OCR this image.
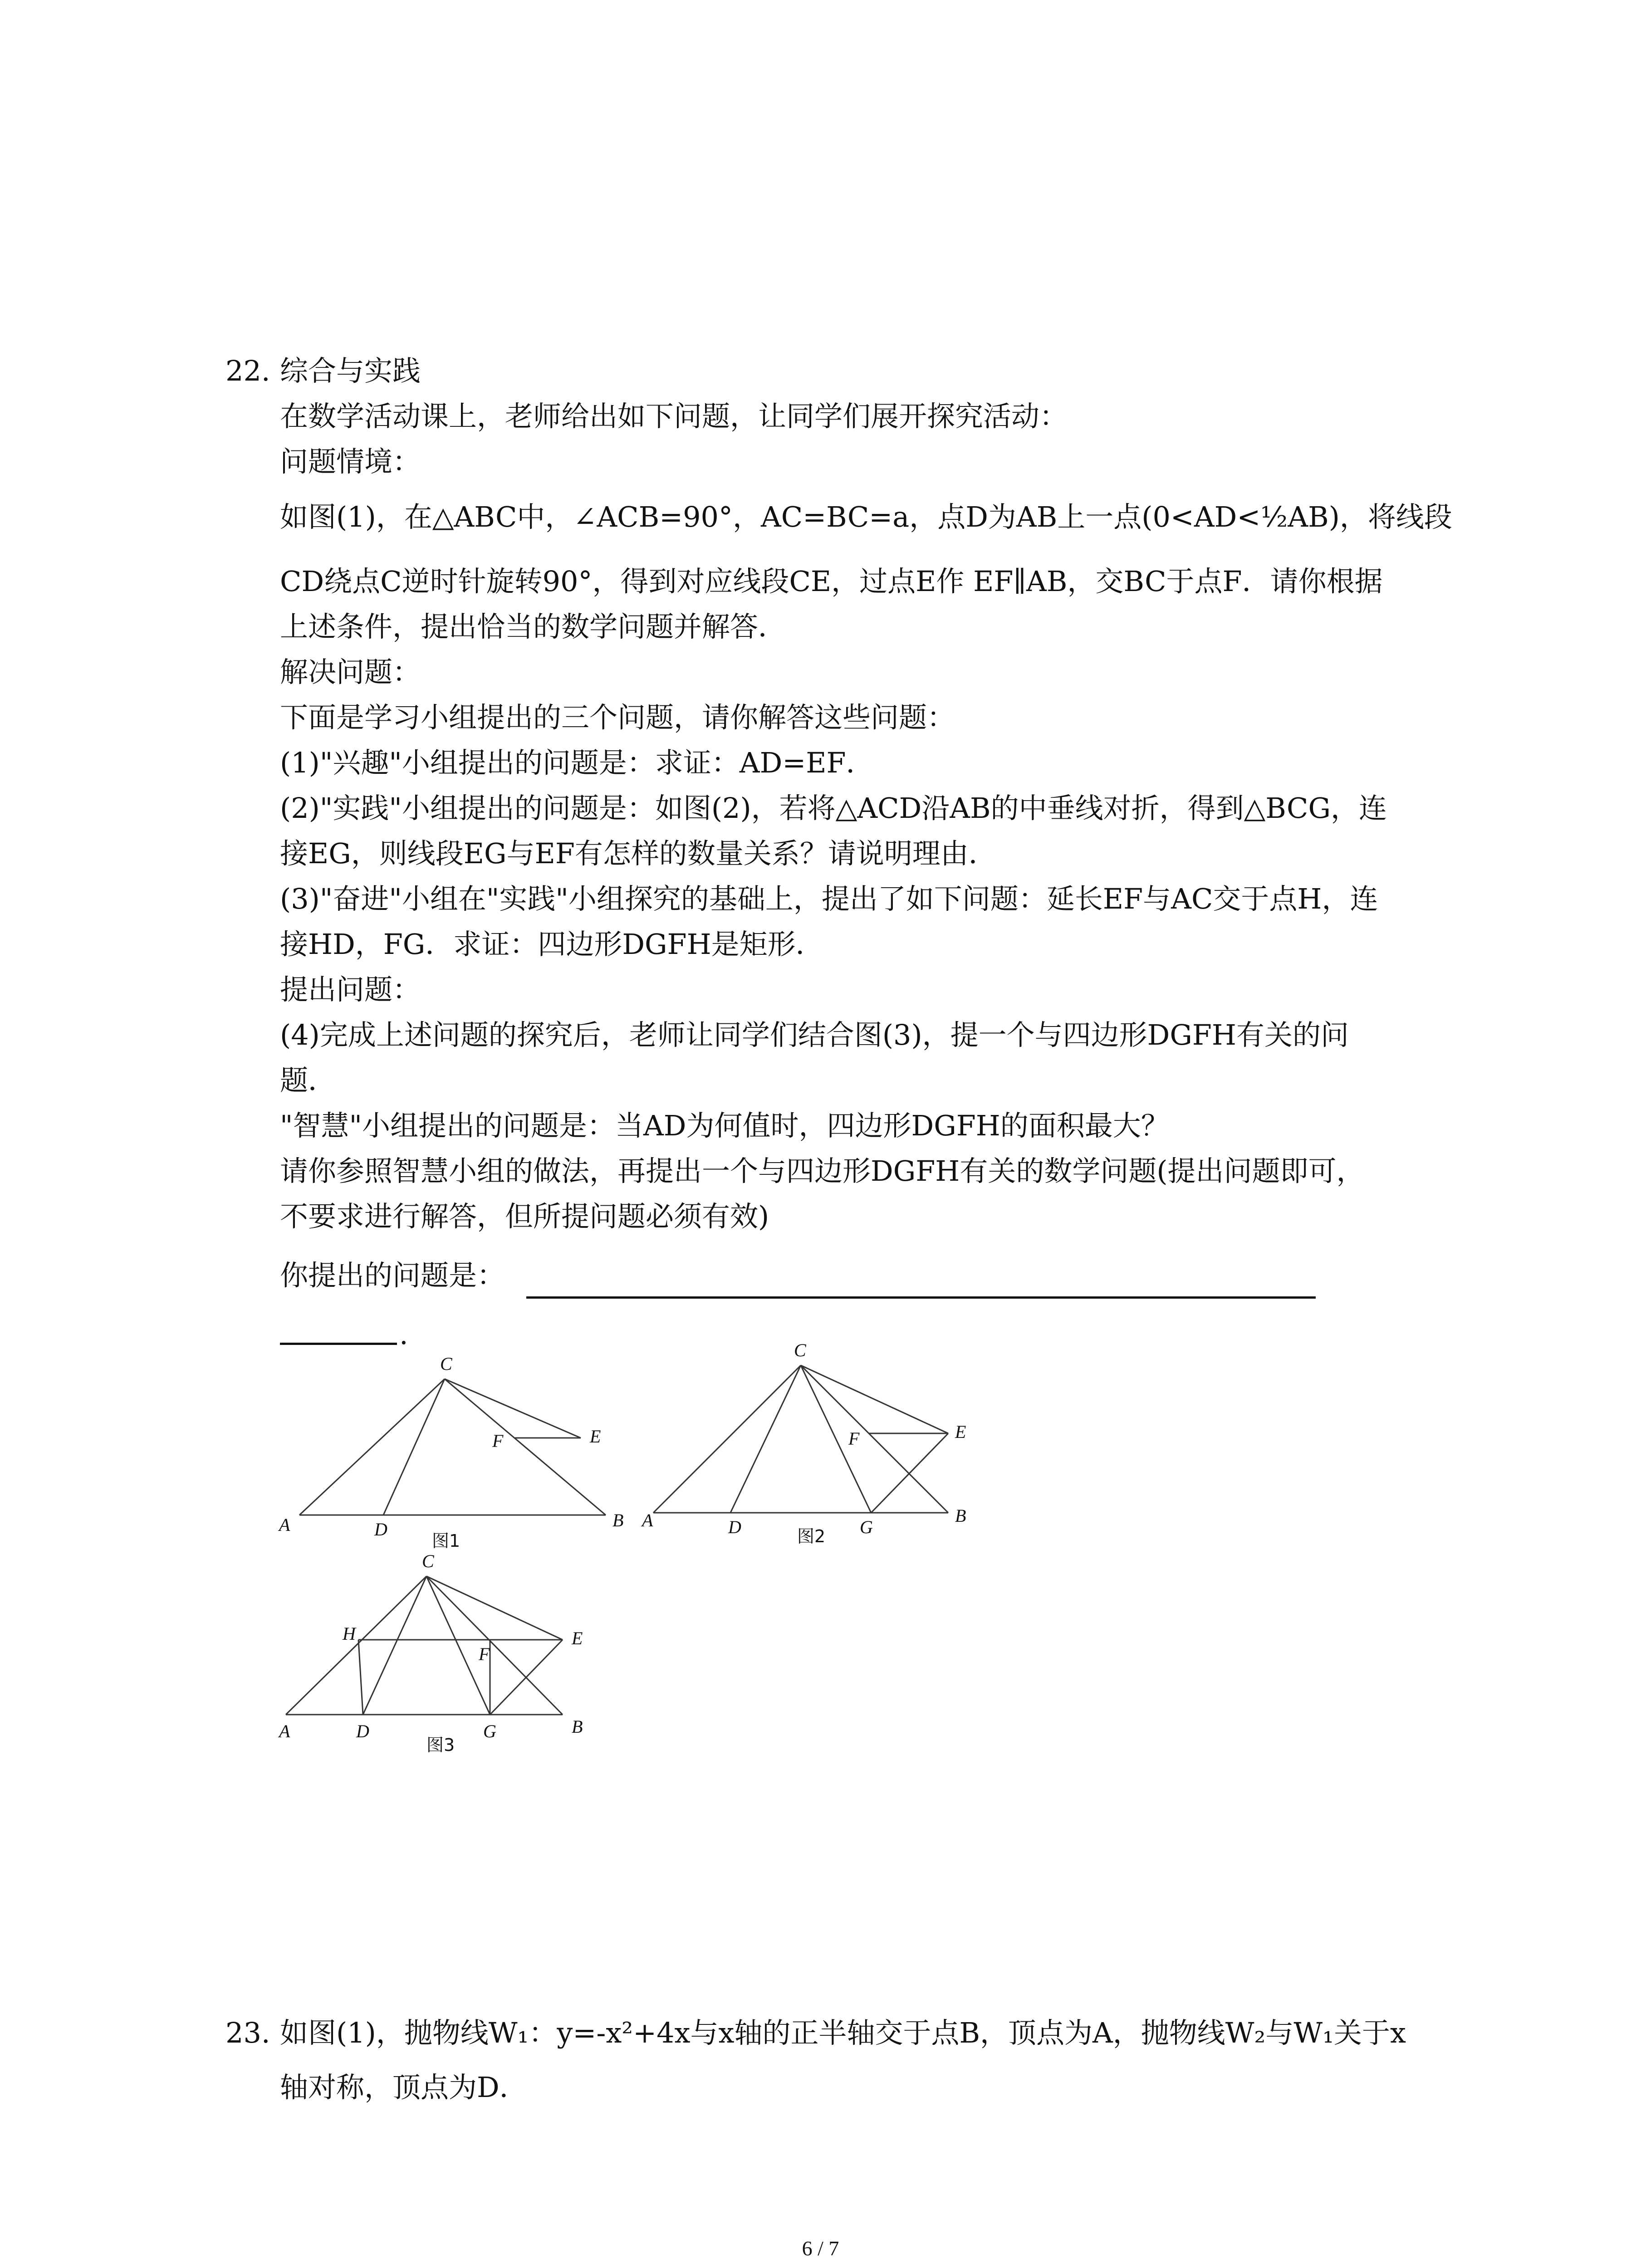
22. 综合与实践
在数学活动课上，老师给出如下问题，让同学们展开探究活动：
问题情境：
如图(1)，在△ABC中，∠ACB=90°，AC=BC=a，点D为AB上一点(0<AD<½AB)，将线段
CD绕点C逆时针旋转90°，得到对应线段CE，过点E作 EF∥AB，交BC于点F．请你根据
上述条件，提出恰当的数学问题并解答．
解决问题：
下面是学习小组提出的三个问题，请你解答这些问题：
(1)"兴趣"小组提出的问题是：求证：AD=EF．
(2)"实践"小组提出的问题是：如图(2)，若将△ACD沿AB的中垂线对折，得到△BCG，连
接EG，则线段EG与EF有怎样的数量关系？请说明理由．
(3)"奋进"小组在"实践"小组探究的基础上，提出了如下问题：延长EF与AC交于点H，连
接HD，FG．求证：四边形DGFH是矩形．
提出问题：
(4)完成上述问题的探究后，老师让同学们结合图(3)，提一个与四边形DGFH有关的问
题．
"智慧"小组提出的问题是：当AD为何值时，四边形DGFH的面积最大？
请你参照智慧小组的做法，再提出一个与四边形DGFH有关的数学问题(提出问题即可，
不要求进行解答，但所提问题必须有效)
你提出的问题是：
.
C
F	E
A	D	B
图1
C
F	E
A	D	G
B
图2
C
H
F
E
A	D	G	B
图3
23. 如图(1)，抛物线W₁：y=-x²+4x与x轴的正半轴交于点B，顶点为A，抛物线W₂与W₁关于x
轴对称，顶点为D．
6 / 7
